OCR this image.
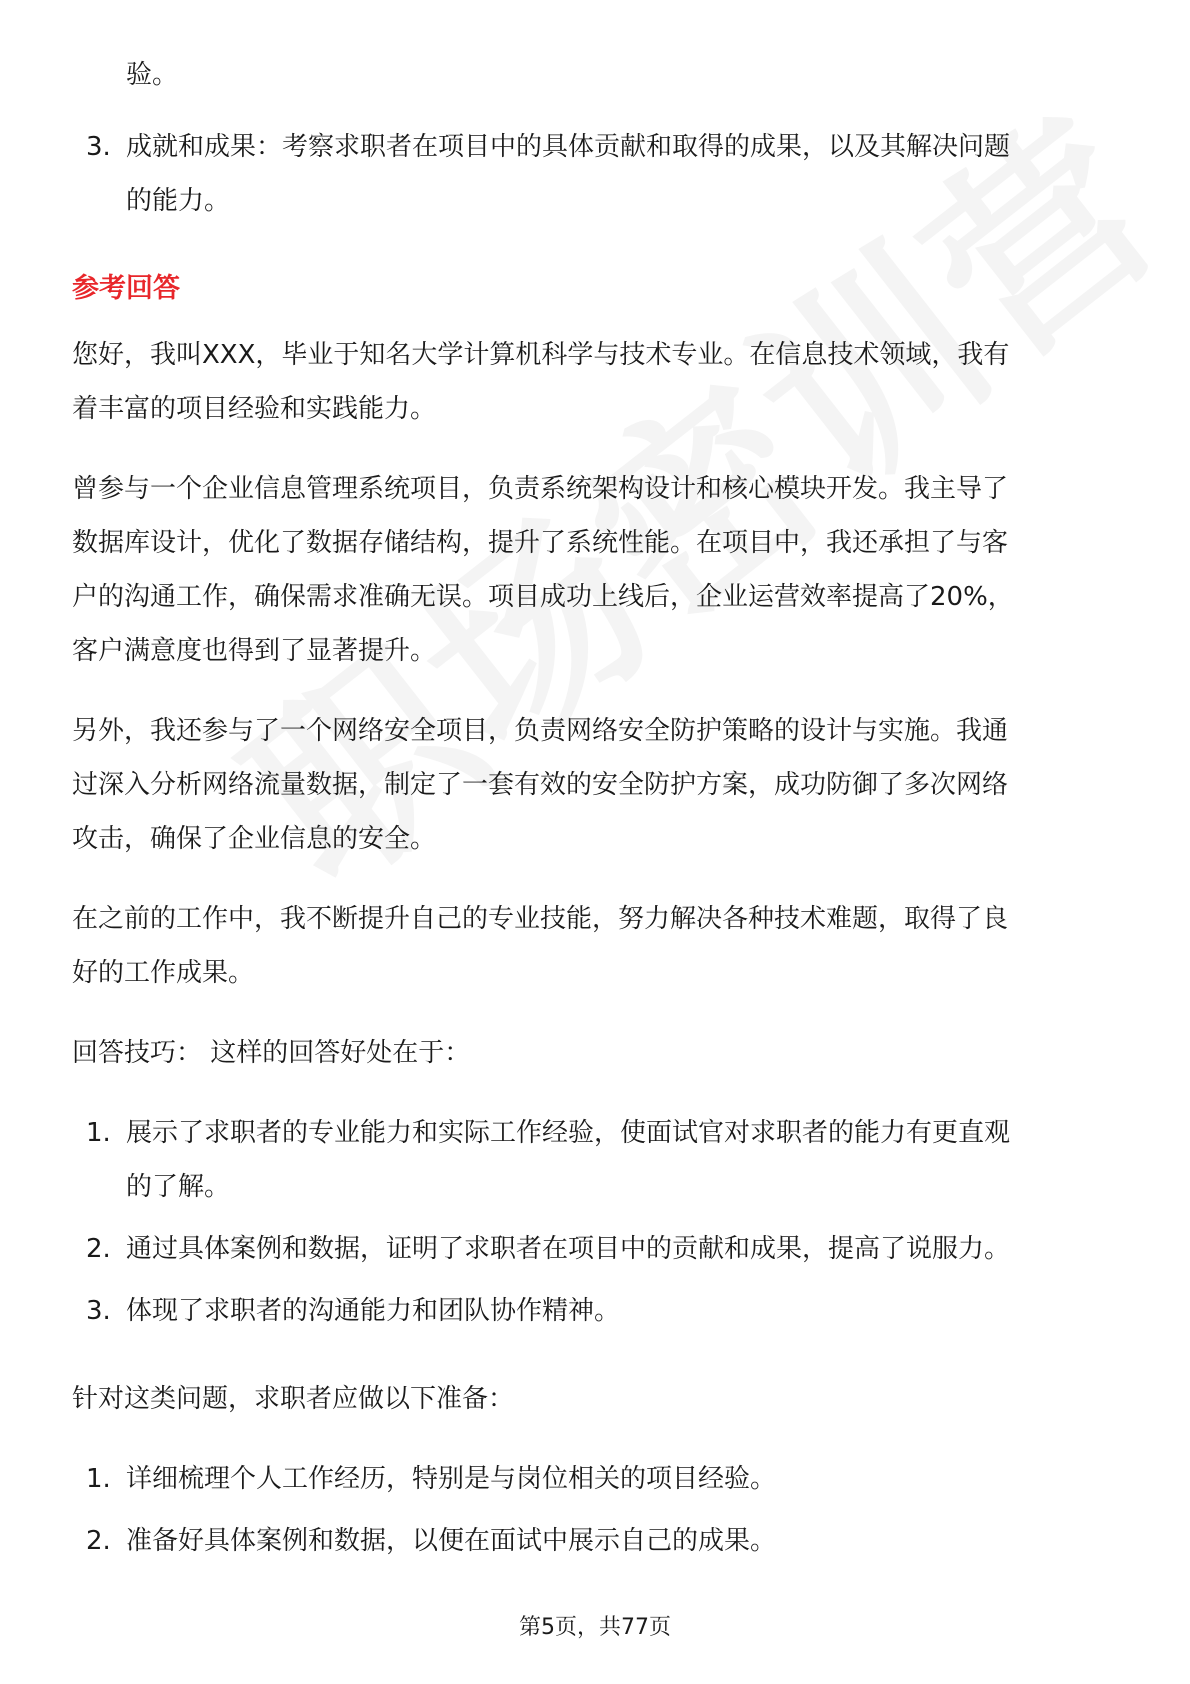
验。

3. 成就和成果：考察求职者在项目中的具体贡献和取得的成果，以及其解决问题
的能力。
参考回答

您好，我叫XXX，毕业于知名大学计算机科学与技术专业。在信息技术领域，我有

着丰富的项目经验和实践能力。

曾参与一个企业信息管理系统项目，负责系统架构设计和核心模块开发。我主导了

数据库设计，优化了数据存储结构，提升了系统性能。在项目中，我还承担了与客

户的沟通工作，确保需求准确无误。项目成功上线后，企业运营效率提高了20%，

客户满意度也得到了显著提升。

另外，我还参与了一个网络安全项目，负责网络安全防护策略的设计与实施。我通

过深入分析网络流量数据，制定了一套有效的安全防护方案，成功防御了多次网络

攻击，确保了企业信息的安全。

在之前的工作中，我不断提升自己的专业技能，努力解决各种技术难题，取得了良

好的工作成果。

回答技巧： 这样的回答好处在于：

1. 展示了求职者的专业能力和实际工作经验，使面试官对求职者的能力有更直观
的了解。
2. 通过具体案例和数据，证明了求职者在项目中的贡献和成果，提高了说服力。
3. 体现了求职者的沟通能力和团队协作精神。

针对这类问题，求职者应做以下准备：

1. 详细梳理个人工作经历，特别是与岗位相关的项目经验。
2. 准备好具体案例和数据，以便在面试中展示自己的成果。
第5页，共77页
